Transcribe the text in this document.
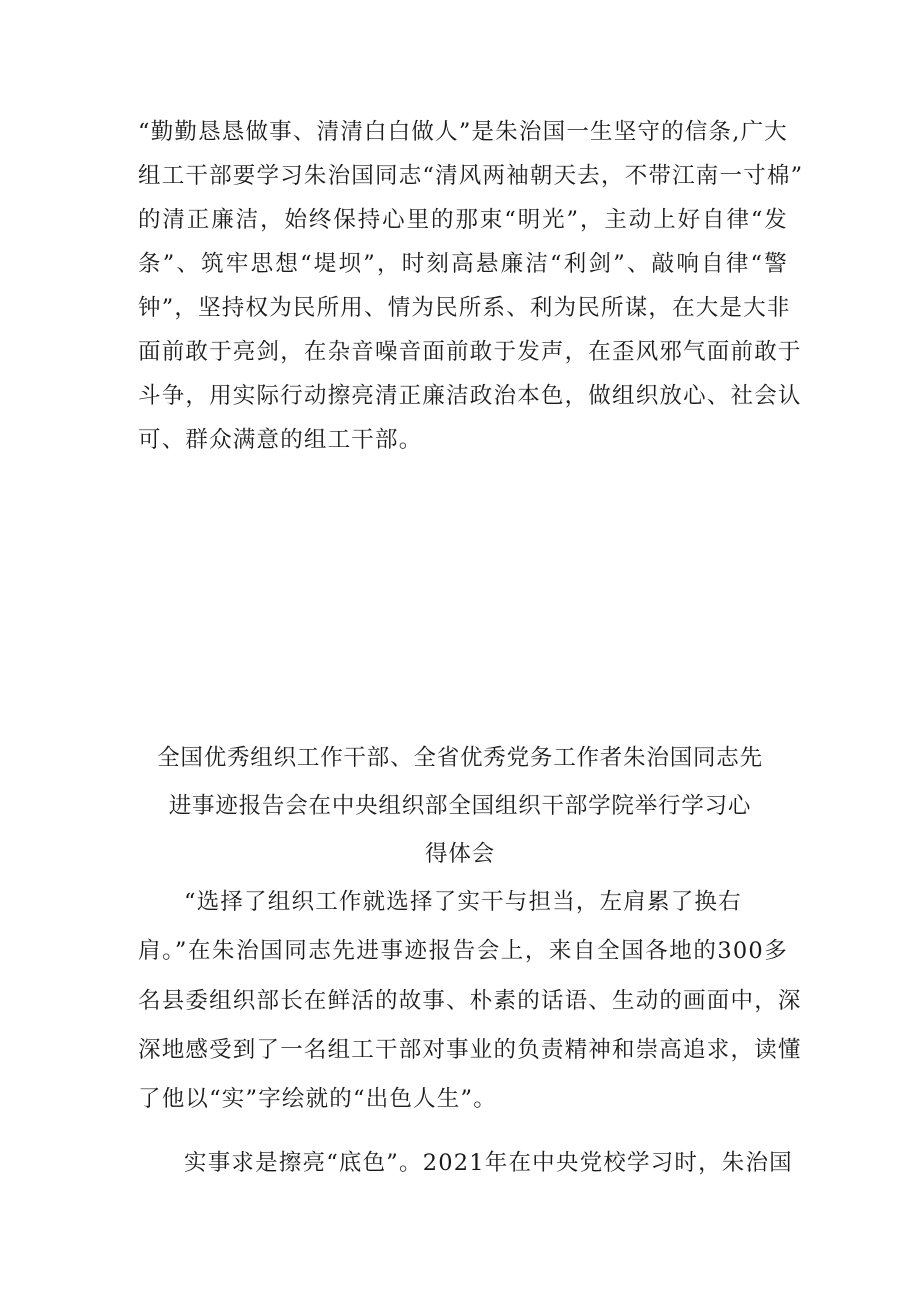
“勤勤恳恳做事、清清白白做人”是朱治国一生坚守的信条,广大
组工干部要学习朱治国同志“清风两袖朝天去，不带江南一寸棉”
的清正廉洁，始终保持心里的那束“明光”，主动上好自律“发
条”、筑牢思想“堤坝”，时刻高悬廉洁“利剑”、敲响自律“警
钟”，坚持权为民所用、情为民所系、利为民所谋，在大是大非
面前敢于亮剑，在杂音噪音面前敢于发声，在歪风邪气面前敢于
斗争，用实际行动擦亮清正廉洁政治本色，做组织放心、社会认
可、群众满意的组工干部。
全国优秀组织工作干部、全省优秀党务工作者朱治国同志先
进事迹报告会在中央组织部全国组织干部学院举行学习心
得体会
“选择了组织工作就选择了实干与担当，左肩累了换右
肩。”在朱治国同志先进事迹报告会上，来自全国各地的300多
名县委组织部长在鲜活的故事、朴素的话语、生动的画面中，深
深地感受到了一名组工干部对事业的负责精神和崇高追求，读懂
了他以“实”字绘就的“出色人生”。
实事求是擦亮“底色”。2021年在中央党校学习时，朱治国
